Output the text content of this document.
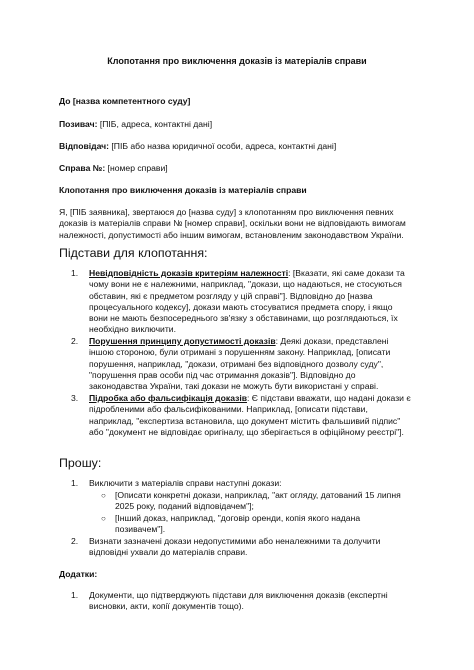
Клопотання про виключення доказів із матеріалів справи
До [назва компетентного суду]
Позивач: [ПІБ, адреса, контактні дані]
Відповідач: [ПІБ або назва юридичної особи, адреса, контактні дані]
Справа №: [номер справи]
Клопотання про виключення доказів із матеріалів справи
Я, [ПІБ заявника], звертаюся до [назва суду] з клопотанням про виключення певних
доказів із матеріалів справи № [номер справи], оскільки вони не відповідають вимогам
належності, допустимості або іншим вимогам, встановленим законодавством України.
Підстави для клопотання:
1.	Невідповідність доказів критеріям належності: [Вказати, які саме докази та
чому вони не є належними, наприклад, "докази, що надаються, не стосуються
обставин, які є предметом розгляду у цій справі"]. Відповідно до [назва
процесуального кодексу], докази мають стосуватися предмета спору, і якщо
вони не мають безпосереднього зв'язку з обставинами, що розглядаються, їх
необхідно виключити.
2.	Порушення принципу допустимості доказів: Деякі докази, представлені
іншою стороною, були отримані з порушенням закону. Наприклад, [описати
порушення, наприклад, "докази, отримані без відповідного дозволу суду",
"порушення прав особи під час отримання доказів"]. Відповідно до
законодавства України, такі докази не можуть бути використані у справі.
3.	Підробка або фальсифікація доказів: Є підстави вважати, що надані докази є
підробленими або фальсифікованими. Наприклад, [описати підстави,
наприклад, "експертиза встановила, що документ містить фальшивий підпис"
або "документ не відповідає оригіналу, що зберігається в офіційному реєстрі"].
Прошу:
1.	Виключити з матеріалів справи наступні докази:
○ [Описати конкретні докази, наприклад, "акт огляду, датований 15 липня
2025 року, поданий відповідачем"];
○ [Інший доказ, наприклад, "договір оренди, копія якого надана
позивачем"].
2.	Визнати зазначені докази недопустимими або неналежними та долучити
відповідні ухвали до матеріалів справи.
Додатки:
1.	Документи, що підтверджують підстави для виключення доказів (експертні
висновки, акти, копії документів тощо).
